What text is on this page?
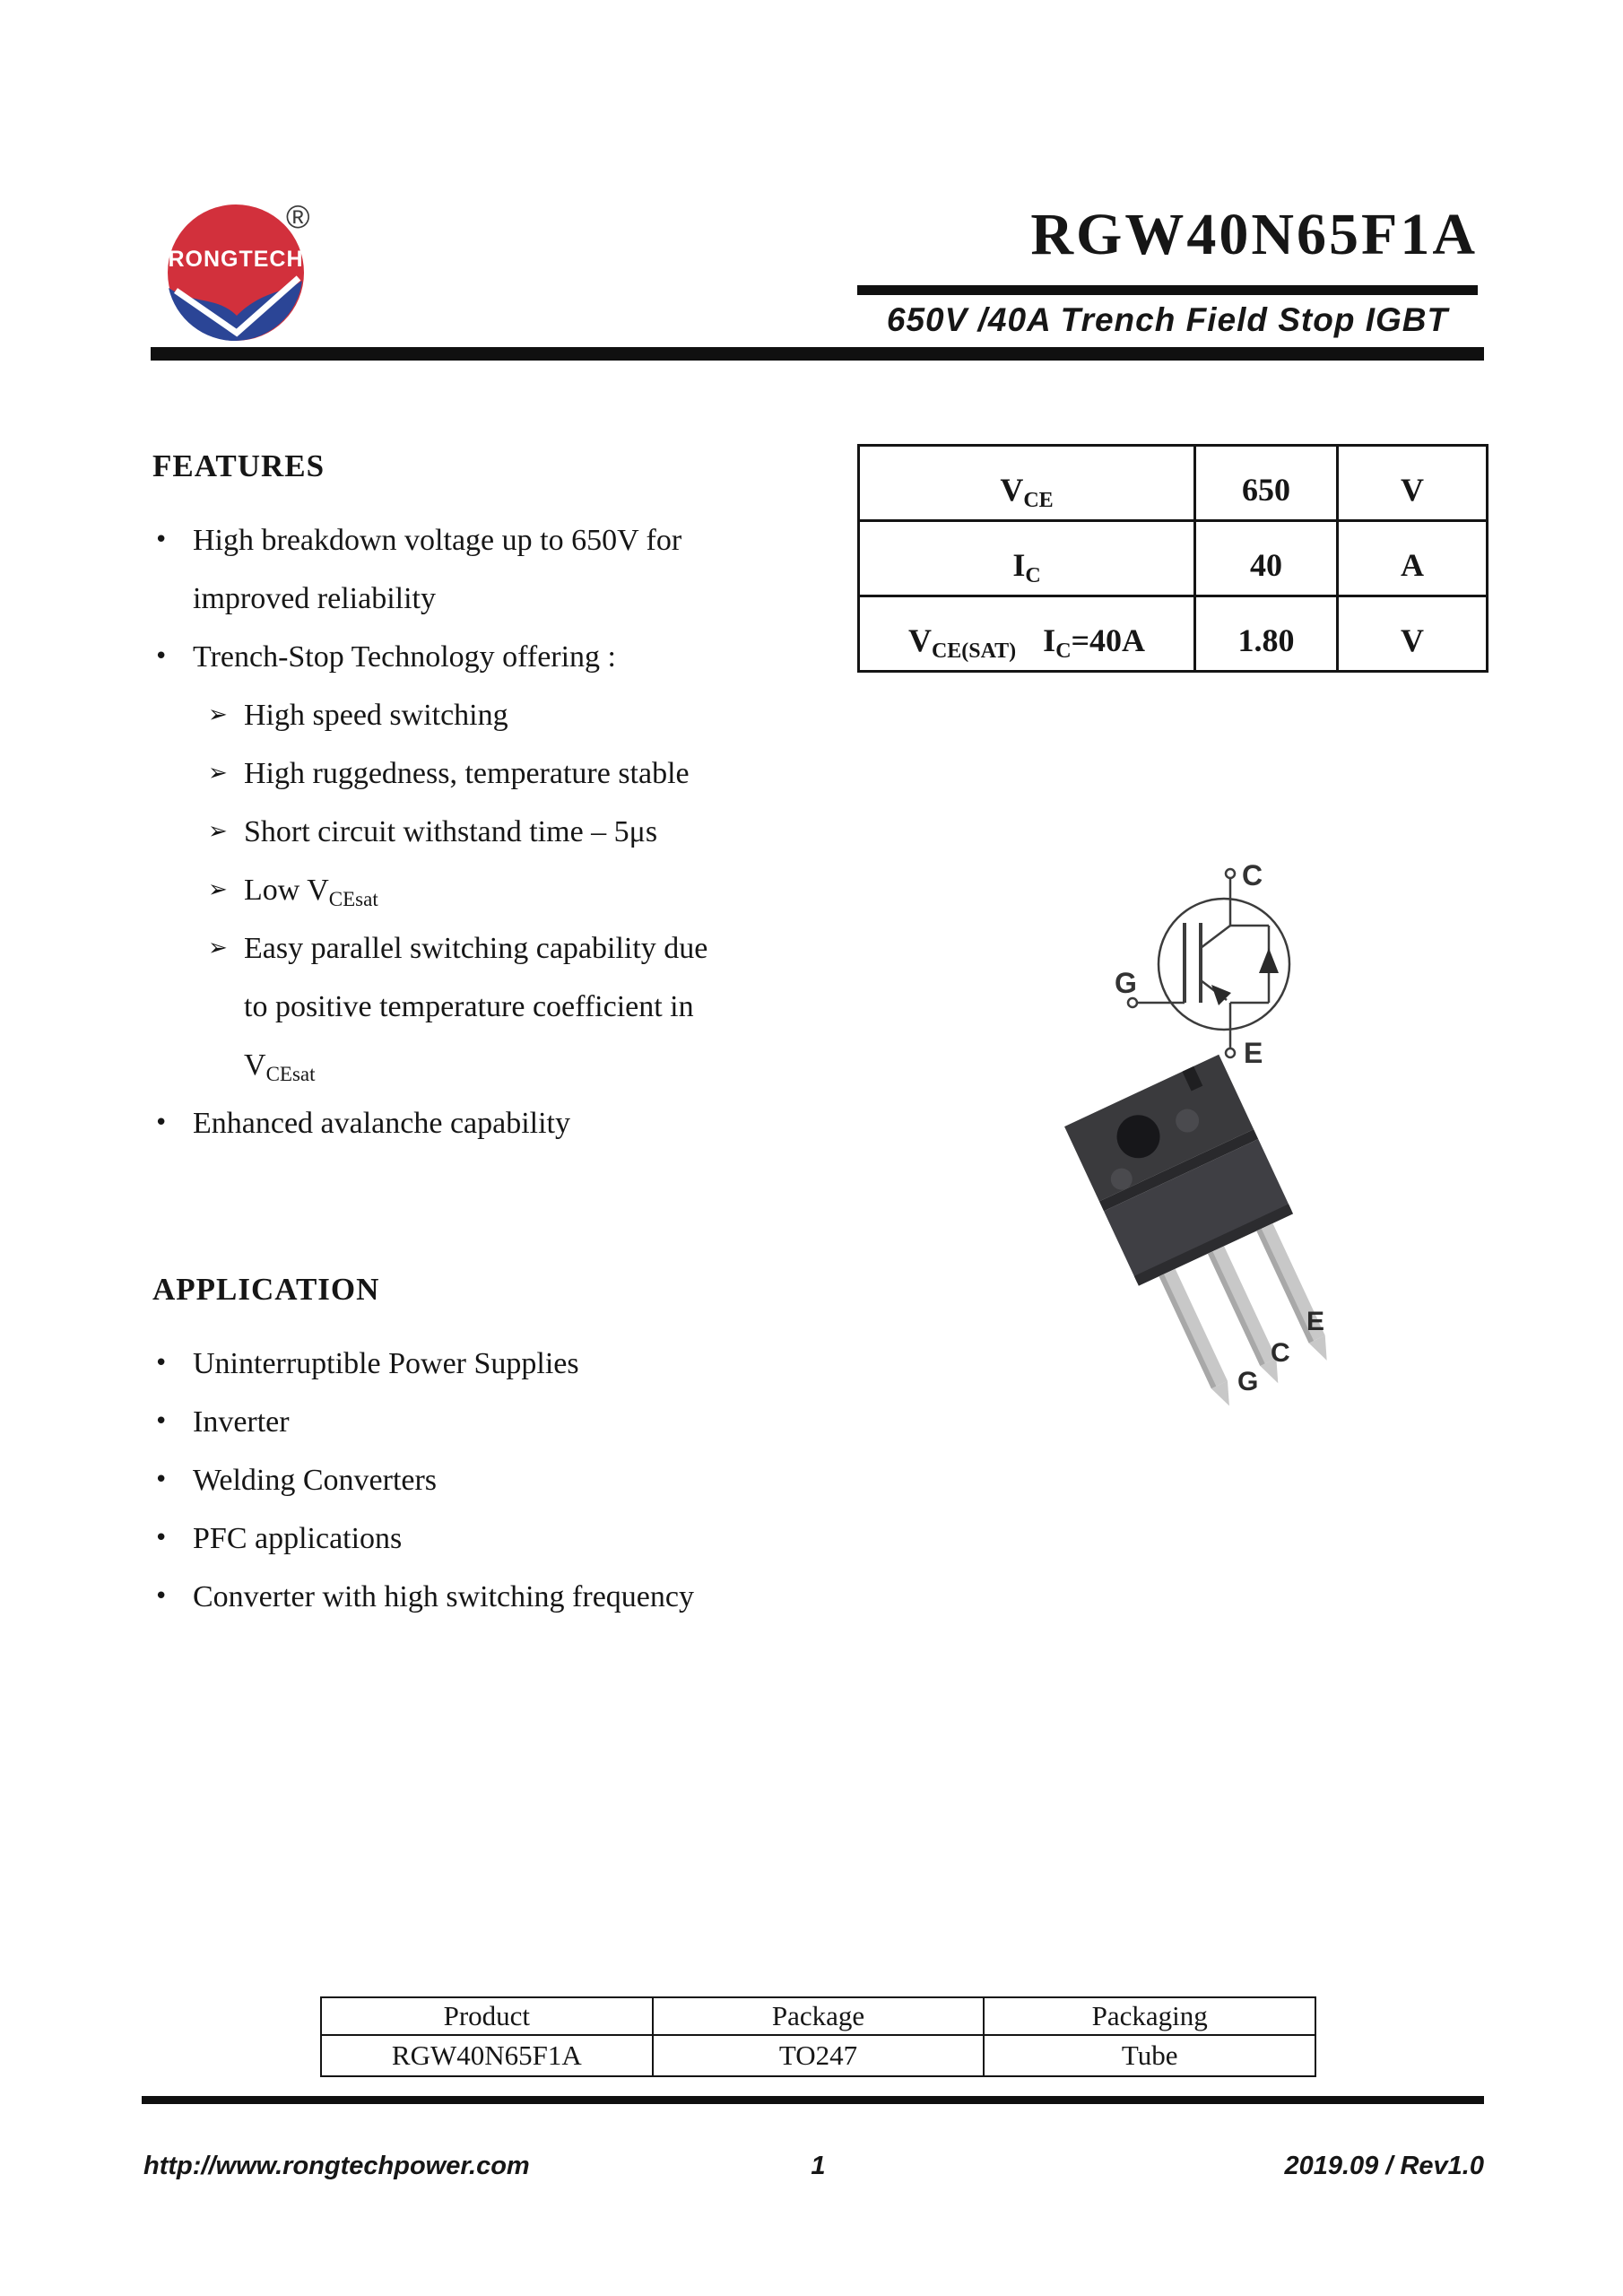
RONGTECH
®	RGW40N65F1A
650V /40A Trench Field Stop IGBT
$V_{CE}$	650	V
$I_C$	40	A
$V_{CE(SAT)}$ $I_C=40A$	1.80	V
FEATURES
• High breakdown voltage up to 650V for
improved reliability
• Trench-Stop Technology offering :
➢ High speed switching
➢ High ruggedness, temperature stable
➢ Short circuit withstand time – 5μs
➢ Low $V_{CEsat}$
➢ Easy parallel switching capability due
to positive temperature coefficient in
$V_{CEsat}$
• Enhanced avalanche capability
C
G
E
G
C
E
APPLICATION
• Uninterruptible Power Supplies
• Inverter
• Welding Converters
• PFC applications
• Converter with high switching frequency
Product	Package	Packaging
RGW40N65F1A	TO247	Tube
http://www.rongtechpower.com	1	2019.09 / Rev1.0
